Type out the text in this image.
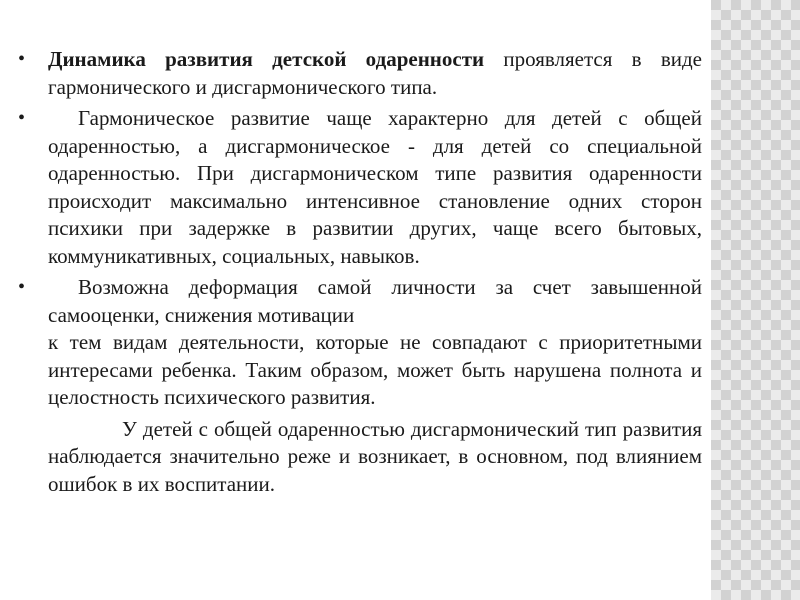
•	Динамика развития детской одаренности проявляется в виде гармонического и дисгармонического типа.
•	Гармоническое развитие чаще характерно для детей с общей одаренностью, а дисгармоническое - для детей со специальной одаренностью. При дисгармоническом типе развития одаренности происходит максимально интенсивное становление одних сторон психики при задержке в развитии других, чаще всего бытовых, коммуникативных, социальных, навыков.
•	Возможна деформация самой личности за счет завышенной самооценки, снижения мотивации
к тем видам деятельности, которые не совпадают с приоритетными интересами ребенка. Таким образом, может быть нарушена полнота и целостность психического развития.
У детей с общей одаренностью дисгармонический тип развития наблюдается значительно реже и возникает, в основном, под влиянием ошибок в их воспитании.
